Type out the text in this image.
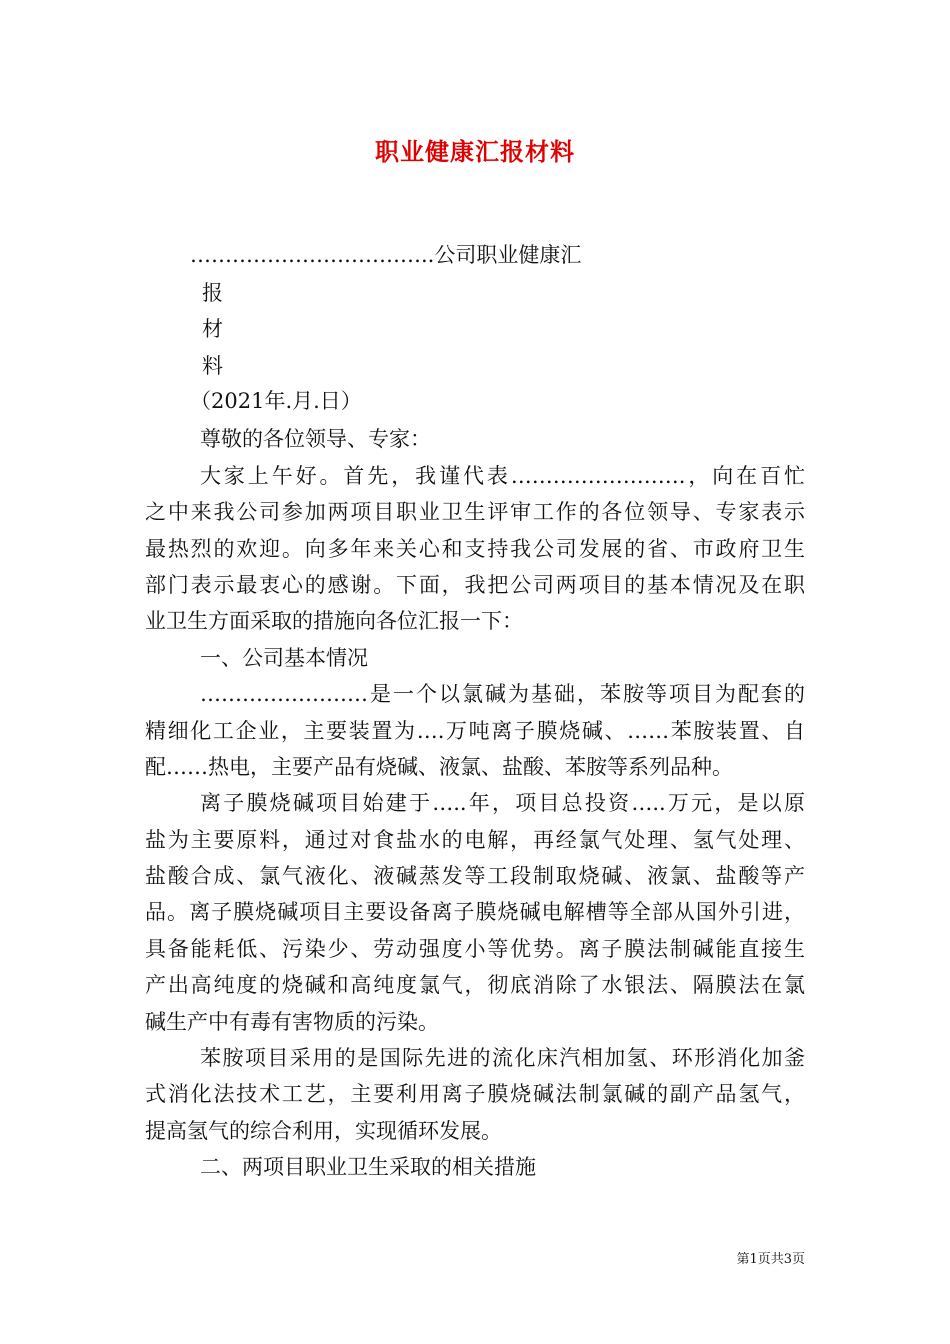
职业健康汇报材料
……………………………..公司职业健康汇
报
材
料
（2021年.月.日）
尊敬的各位领导、专家：
大家上午好。首先，我谨代表…………………….，向在百忙
之中来我公司参加两项目职业卫生评审工作的各位领导、专家表示
最热烈的欢迎。向多年来关心和支持我公司发展的省、市政府卫生
部门表示最衷心的感谢。下面，我把公司两项目的基本情况及在职
业卫生方面采取的措施向各位汇报一下：
一、公司基本情况
……………………是一个以氯碱为基础，苯胺等项目为配套的
精细化工企业，主要装置为….万吨离子膜烧碱、……苯胺装置、自
配……热电，主要产品有烧碱、液氯、盐酸、苯胺等系列品种。
离子膜烧碱项目始建于…..年，项目总投资…..万元，是以原
盐为主要原料，通过对食盐水的电解，再经氯气处理、氢气处理、
盐酸合成、氯气液化、液碱蒸发等工段制取烧碱、液氯、盐酸等产
品。离子膜烧碱项目主要设备离子膜烧碱电解槽等全部从国外引进，
具备能耗低、污染少、劳动强度小等优势。离子膜法制碱能直接生
产出高纯度的烧碱和高纯度氯气，彻底消除了水银法、隔膜法在氯
碱生产中有毒有害物质的污染。
苯胺项目采用的是国际先进的流化床汽相加氢、环形消化加釜
式消化法技术工艺，主要利用离子膜烧碱法制氯碱的副产品氢气，
提高氢气的综合利用，实现循环发展。
二、两项目职业卫生采取的相关措施
第1页共3页
